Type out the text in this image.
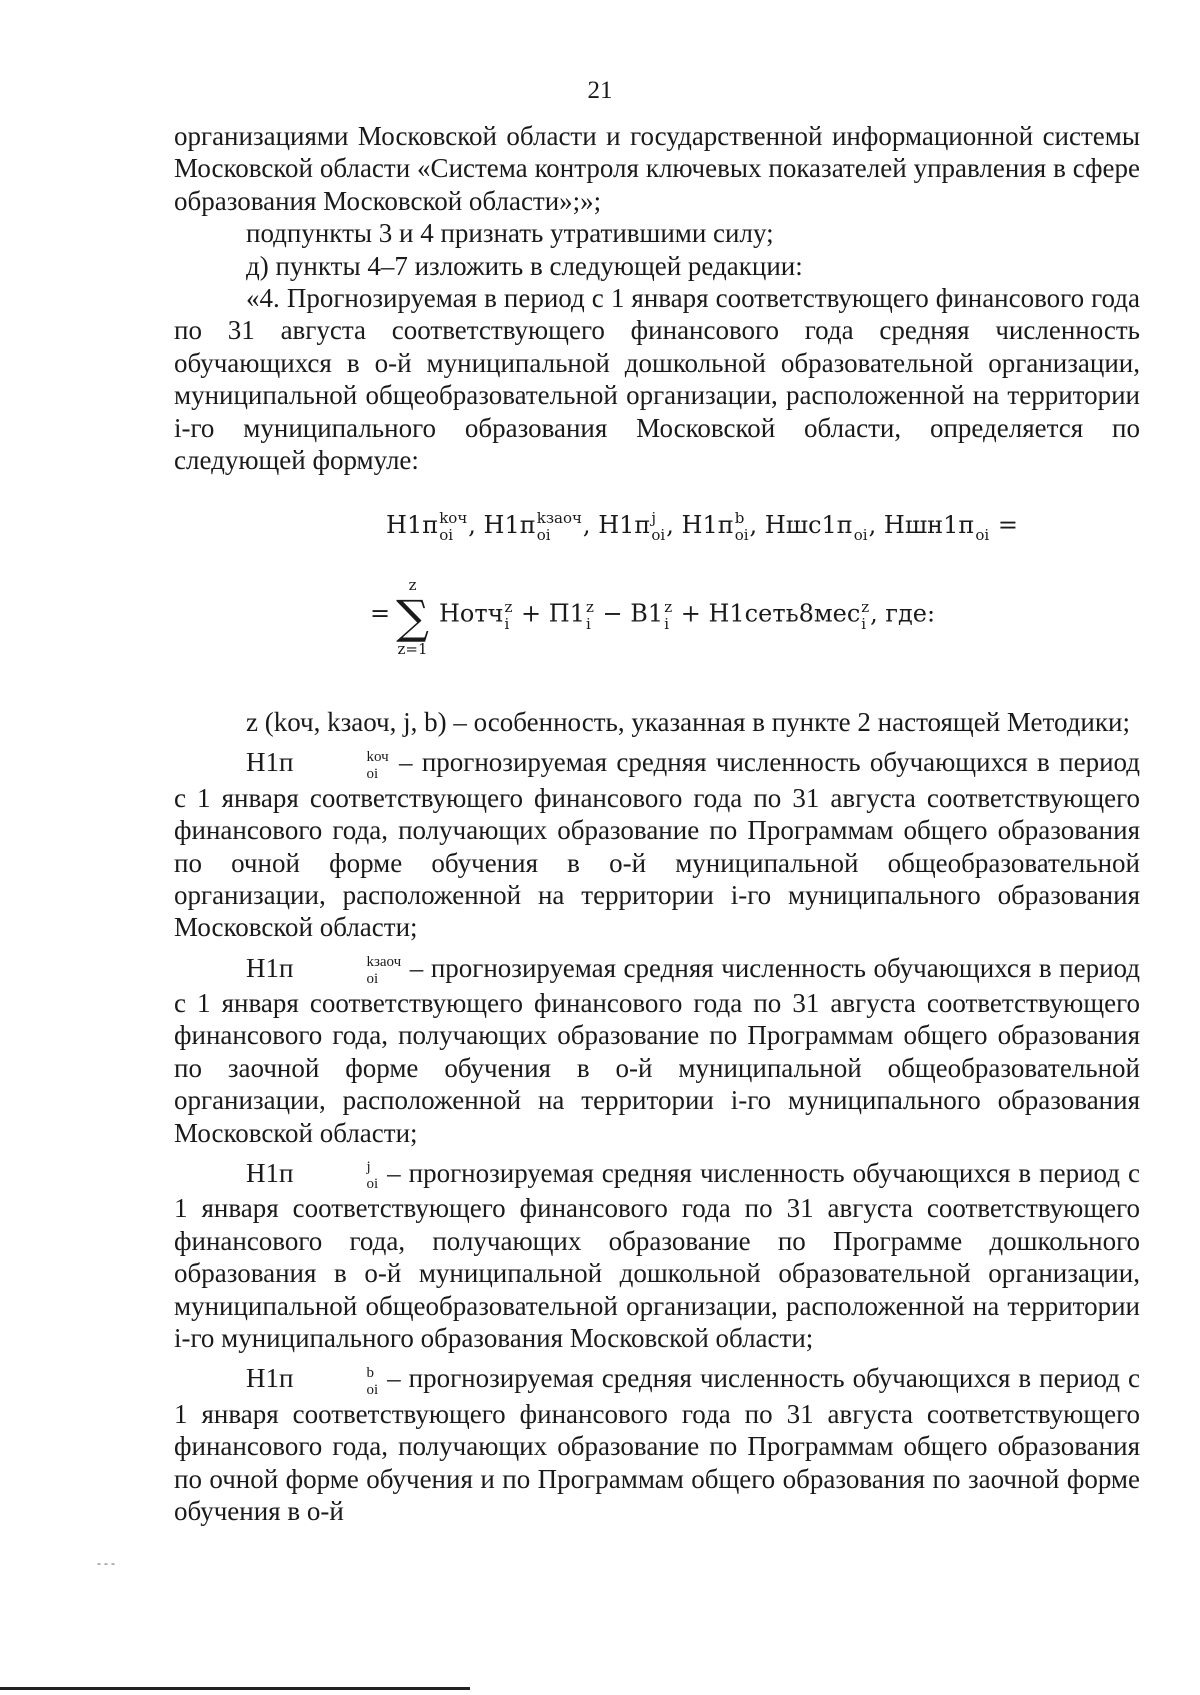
21

организациями Московской области и государственной информационной системы Московской области «Система контроля ключевых показателей управления в сфере образования Московской области»;»;

подпункты 3 и 4 признать утратившими силу;

д) пункты 4–7 изложить в следующей редакции:

«4. Прогнозируемая в период с 1 января соответствующего финансового года по 31 августа соответствующего финансового года средняя численность обучающихся в о-й муниципальной дошкольной образовательной организации, муниципальной общеобразовательной организации, расположенной на территории i-го муниципального образования Московской области, определяется по следующей формуле:

Н1п kоч
oi , Н1п kзаоч
oi	, Н1п j
oi , Н1п b
oi , Ншс1п
oi , Ншн1п
oi =
=
z
∑
z=1
Нотч z
i + П1 z
i − В1 z
i + Н1сеть8мес z
i , где:

z (kоч, kзаоч, j, b) – особенность, указанная в пункте 2 настоящей Методики;

Н1п	kоч
oi – прогнозируемая средняя численность обучающихся в период с 1 января соответствующего финансового года по 31 августа соответствующего финансового года, получающих образование по Программам общего образования по очной форме обучения в о-й муниципальной общеобразовательной организации, расположенной на территории i-го муниципального образования Московской области;

Н1п	kзаоч
oi – прогнозируемая средняя численность обучающихся в период с 1 января соответствующего финансового года по 31 августа соответствующего финансового года, получающих образование по Программам общего образования по заочной форме обучения в о-й муниципальной общеобразовательной организации, расположенной на территории i-го муниципального образования Московской области;

Н1п	j
oi – прогнозируемая средняя численность обучающихся в период с 1 января соответствующего финансового года по 31 августа соответствующего финансового года, получающих образование по Программе дошкольного образования в о-й муниципальной дошкольной образовательной организации, муниципальной общеобразовательной организации, расположенной на территории i-го муниципального образования Московской области;

Н1п	b
oi – прогнозируемая средняя численность обучающихся в период с 1 января соответствующего финансового года по 31 августа соответствующего финансового года, получающих образование по Программам общего образования по очной форме обучения и по Программам общего образования по заочной форме обучения в о-й

- - -
